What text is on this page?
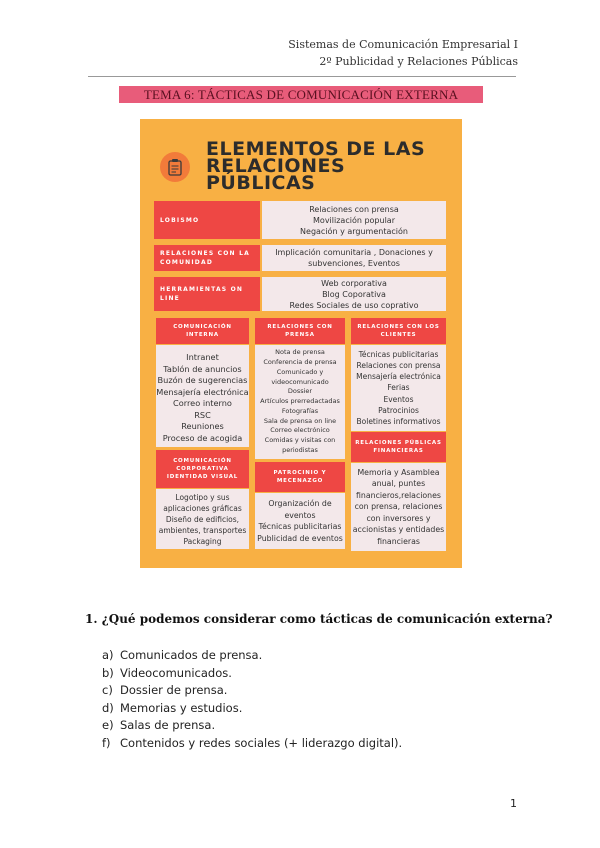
Sistemas de Comunicación Empresarial I
2º Publicidad y Relaciones Públicas
TEMA 6: TÁCTICAS DE COMUNICACIÓN EXTERNA
ELEMENTOS DE LAS
RELACIONES
PÚBLICAS
LOBISMO
Relaciones con prensa
Movilización popular
Negación y argumentación
RELACIONES CON LA COMUNIDAD
Implicación comunitaria , Donaciones y
subvenciones, Eventos
HERRAMIENTAS ON LINE
Web corporativa
Blog Coporativa
Redes Sociales de uso coprativo
COMUNICACIÓN INTERNA
Intranet
Tablón de anuncios
Buzón de sugerencias
Mensajería electrónica
Correo interno
RSC
Reuniones
Proceso de acogida
COMUNICACIÓN CORPORATIVA IDENTIDAD VISUAL
Logotipo y sus
aplicaciones gráficas
Diseño de edificios,
ambientes, transportes
Packaging
RELACIONES CON PRENSA
Nota de prensa
Conferencia de prensa
Comunicado y
videocomunicado
Dossier
Artículos prerredactadas
Fotografías
Sala de prensa on line
Correo electrónico
Comidas y visitas con
periodistas
PATROCINIO Y MECENAZGO
Organización de
eventos
Técnicas publicitarias
Publicidad de eventos
RELACIONES CON LOS CLIENTES
Técnicas publicitarias
Relaciones con prensa
Mensajería electrónica
Ferias
Eventos
Patrocinios
Boletines informativos
RELACIONES PÚBLICAS FINANCIERAS
Memoria y Asamblea
anual, puntes
financieros,relaciones
con prensa, relaciones
con inversores y
accionistas y entidades
financieras
1. ¿Qué podemos considerar como tácticas de comunicación externa?
a) Comunicados de prensa.
b) Videocomunicados.
c) Dossier de prensa.
d) Memorias y estudios.
e) Salas de prensa.
f) Contenidos y redes sociales (+ liderazgo digital).
1
